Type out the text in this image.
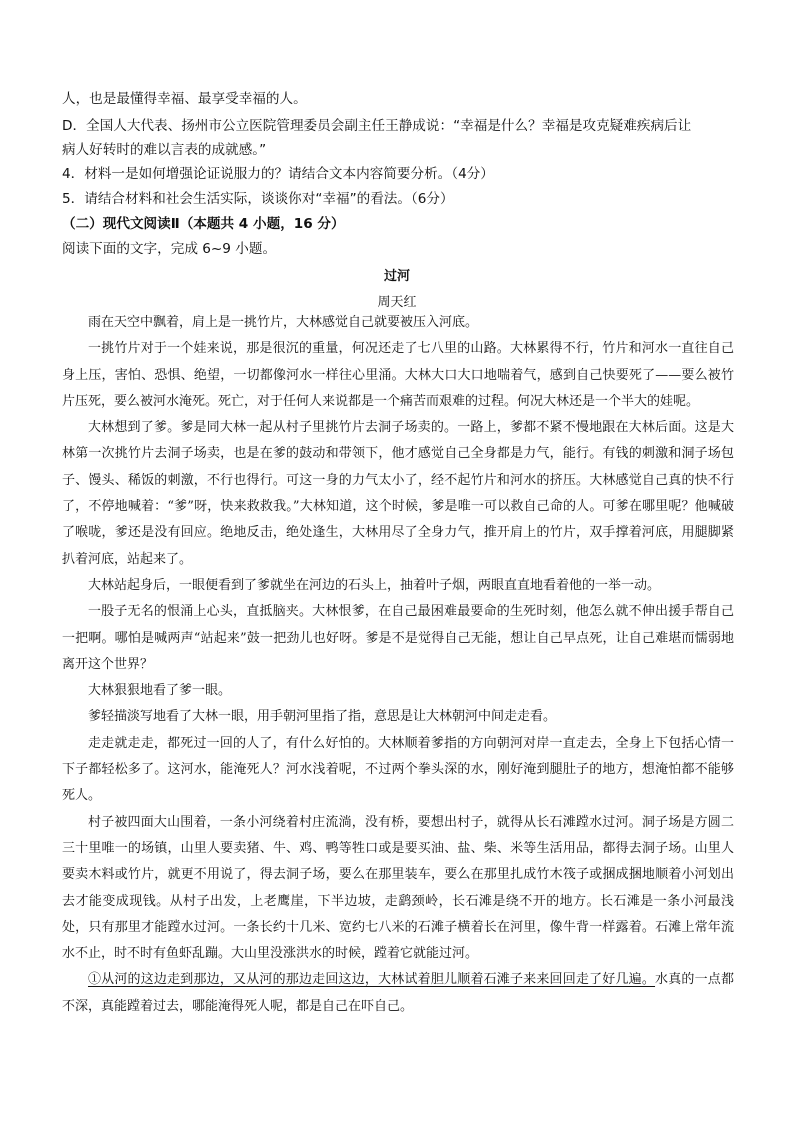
人，也是最懂得幸福、最享受幸福的人。
D．全国人大代表、扬州市公立医院管理委员会副主任王静成说：“幸福是什么？幸福是攻克疑难疾病后让
病人好转时的难以言表的成就感。”
4．材料一是如何增强论证说服力的？请结合文本内容简要分析。（4分）
5．请结合材料和社会生活实际，谈谈你对“幸福”的看法。（6分）
（二）现代文阅读Ⅱ（本题共 4 小题，16 分）
阅读下面的文字，完成 6~9 小题。
过河
周天红

雨在天空中飘着，肩上是一挑竹片，大林感觉自己就要被压入河底。

一挑竹片对于一个娃来说，那是很沉的重量，何况还走了七八里的山路。大林累得不行，竹片和河水一直往自己身上压，害怕、恐惧、绝望，一切都像河水一样往心里涌。大林大口大口地喘着气，感到自己快要死了——要么被竹片压死，要么被河水淹死。死亡，对于任何人来说都是一个痛苦而艰难的过程。何况大林还是一个半大的娃呢。

大林想到了爹。爹是同大林一起从村子里挑竹片去洞子场卖的。一路上，爹都不紧不慢地跟在大林后面。这是大林第一次挑竹片去洞子场卖，也是在爹的鼓动和带领下，他才感觉自己全身都是力气，能行。有钱的刺激和洞子场包子、馒头、稀饭的刺激，不行也得行。可这一身的力气太小了，经不起竹片和河水的挤压。大林感觉自己真的快不行了，不停地喊着：“爹”呀，快来救救我。”大林知道，这个时候，爹是唯一可以救自己命的人。可爹在哪里呢？他喊破了喉咙，爹还是没有回应。绝地反击，绝处逢生，大林用尽了全身力气，推开肩上的竹片，双手撑着河底，用腿脚紧扒着河底，站起来了。

大林站起身后，一眼便看到了爹就坐在河边的石头上，抽着叶子烟，两眼直直地看着他的一举一动。

一股子无名的恨涌上心头，直抵脑夹。大林恨爹，在自己最困难最要命的生死时刻，他怎么就不伸出援手帮自己一把啊。哪怕是喊两声“站起来”鼓一把劲儿也好呀。爹是不是觉得自己无能，想让自己早点死，让自己难堪而懦弱地离开这个世界？

大林狠狠地看了爹一眼。

爹轻描淡写地看了大林一眼，用手朝河里指了指，意思是让大林朝河中间走走看。

走走就走走，都死过一回的人了，有什么好怕的。大林顺着爹指的方向朝河对岸一直走去，全身上下包括心情一下子都轻松多了。这河水，能淹死人？河水浅着呢，不过两个拳头深的水，刚好淹到腿肚子的地方，想淹怕都不能够死人。

村子被四面大山围着，一条小河绕着村庄流淌，没有桥，要想出村子，就得从长石滩蹚水过河。洞子场是方圆二三十里唯一的场镇，山里人要卖猪、牛、鸡、鸭等牲口或是要买油、盐、柴、米等生活用品，都得去洞子场。山里人要卖木料或竹片，就更不用说了，得去洞子场，要么在那里装车，要么在那里扎成竹木筏子或捆成捆地顺着小河划出去才能变成现钱。从村子出发，上老鹰崖，下半边坡，走鹞颈岭，长石滩是绕不开的地方。长石滩是一条小河最浅处，只有那里才能蹚水过河。一条长约十几米、宽约七八米的石滩子横着长在河里，像牛背一样露着。石滩上常年流水不止，时不时有鱼虾乱蹦。大山里没涨洪水的时候，蹚着它就能过河。

①从河的这边走到那边，又从河的那边走回这边，大林试着胆儿顺着石滩子来来回回走了好几遍。水真的一点都不深，真能蹚着过去，哪能淹得死人呢，都是自己在吓自己。
